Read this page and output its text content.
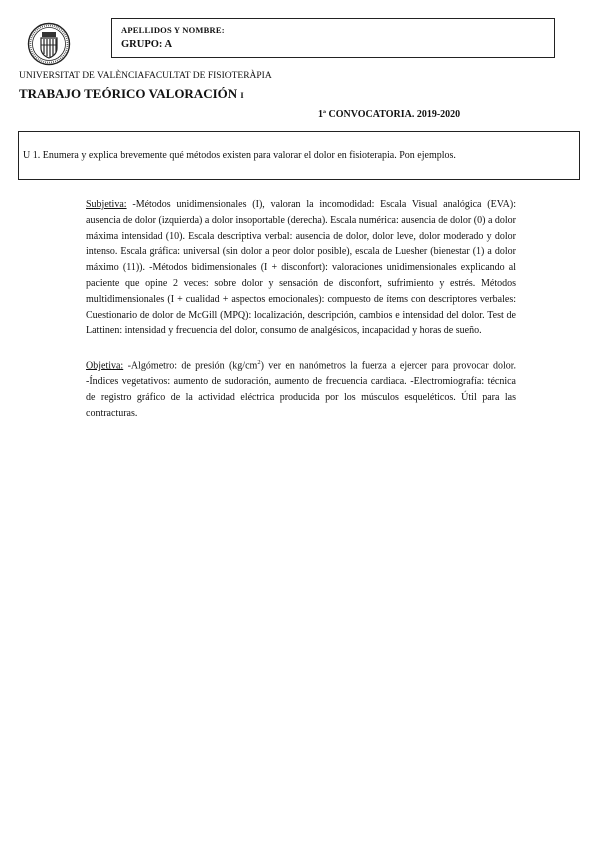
APELLIDOS Y NOMBRE:
GRUPO: A
UNIVERSITAT DE VALÈNCIAFACULTAT DE FISIOTERÀPIA
TRABAJO TEÓRICO VALORACIÓN I
1ª CONVOCATORIA. 2019-2020
U 1. Enumera y explica brevemente qué métodos existen para valorar el dolor en fisioterapia. Pon ejemplos.

Subjetiva: -Métodos unidimensionales (I), valoran la incomodidad: Escala Visual analógica (EVA): ausencia de dolor (izquierda) a dolor insoportable (derecha). Escala numérica: ausencia de dolor (0) a dolor máxima intensidad (10). Escala descriptiva verbal: ausencia de dolor, dolor leve, dolor moderado y dolor intenso. Escala gráfica: universal (sin dolor a peor dolor posible), escala de Luesher (bienestar (1) a dolor máximo (11)). -Métodos bidimensionales (I + disconfort): valoraciones unidimensionales explicando al paciente que opine 2 veces: sobre dolor y sensación de disconfort, sufrimiento y estrés. Métodos multidimensionales (I + cualidad + aspectos emocionales): compuesto de ítems con descriptores verbales: Cuestionario de dolor de McGill (MPQ): localización, descripción, cambios e intensidad del dolor. Test de Lattinen: intensidad y frecuencia del dolor, consumo de analgésicos, incapacidad y horas de sueño.

Objetiva: -Algómetro: de presión $(kg/cm^2)$ ver en nanómetros la fuerza a ejercer para provocar dolor. -Índices vegetativos: aumento de sudoración, aumento de frecuencia cardiaca. -Electromiografía: técnica de registro gráfico de la actividad eléctrica producida por los músculos esqueléticos. Útil para las contracturas.
